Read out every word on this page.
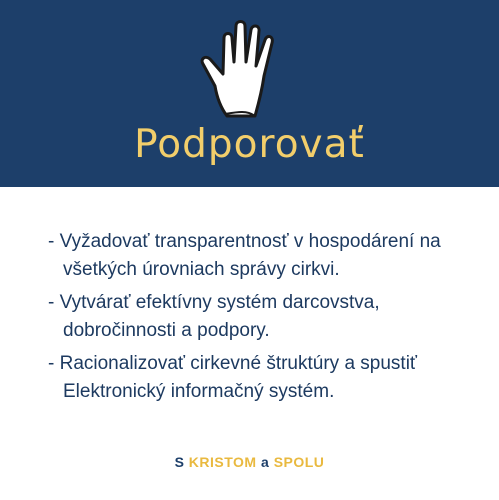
Podporovať

- Vyžadovať transparentnosť v hospodárení na všetkých úrovniach správy cirkvi.

- Vytvárať efektívny systém darcovstva, dobročinnosti a podpory.

- Racionalizovať cirkevné štruktúry a spustiť Elektronický informačný systém.

S KRISTOM a SPOLU
